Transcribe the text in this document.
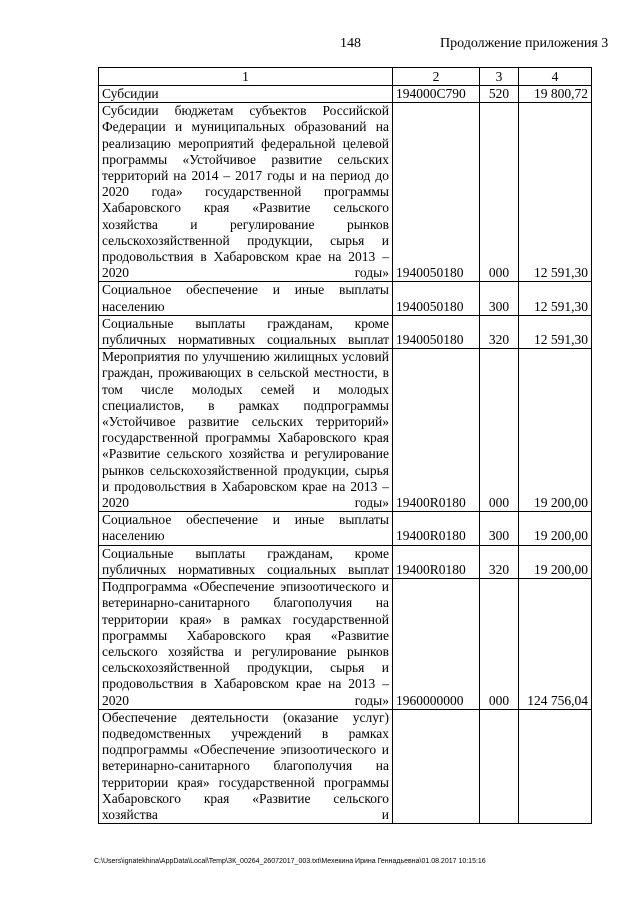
148	Продолжение приложения 3
1	2	3	4
Субсидии	194000С790	520	19 800,72
Субсидии бюджетам субъектов Российской Федерации и муниципальных образований на реализацию мероприятий федеральной целевой программы «Устойчивое развитие сельских территорий на 2014 – 2017 годы и на период до 2020 года» государственной программы Хабаровского края «Развитие сельского хозяйства и регулирование рынков сельскохозяйственной продукции, сырья и продовольствия в Хабаровском крае на 2013 – 2020 годы»	1940050180	000	12 591,30
Социальное обеспечение и иные выплаты населению	1940050180	300	12 591,30
Социальные выплаты гражданам, кроме публичных нормативных социальных выплат	1940050180	320	12 591,30
Мероприятия по улучшению жилищных условий граждан, проживающих в сельской местности, в том числе молодых семей и молодых специалистов, в рамках подпрограммы «Устойчивое развитие сельских территорий» государственной программы Хабаровского края «Развитие сельского хозяйства и регулирование рынков сельскохозяйственной продукции, сырья и продовольствия в Хабаровском крае на 2013 – 2020 годы»	19400R0180	000	19 200,00
Социальное обеспечение и иные выплаты населению	19400R0180	300	19 200,00
Социальные выплаты гражданам, кроме публичных нормативных социальных выплат	19400R0180	320	19 200,00
Подпрограмма «Обеспечение эпизоотического и ветеринарно-санитарного благополучия на территории края» в рамках государственной программы Хабаровского края «Развитие сельского хозяйства и регулирование рынков сельскохозяйственной продукции, сырья и продовольствия в Хабаровском крае на 2013 – 2020 годы»	1960000000	000	124 756,04
Обеспечение деятельности (оказание услуг) подведомственных учреждений в рамках подпрограммы «Обеспечение эпизоотического и ветеринарно-санитарного благополучия на территории края» государственной программы Хабаровского края «Развитие сельского хозяйства и			
C:\Users\ignatekhina\AppData\Local\Temp\ЗК_00264_26072017_003.txt\Мехекина Ирина Геннадьевна\01.08.2017 10:15:16
